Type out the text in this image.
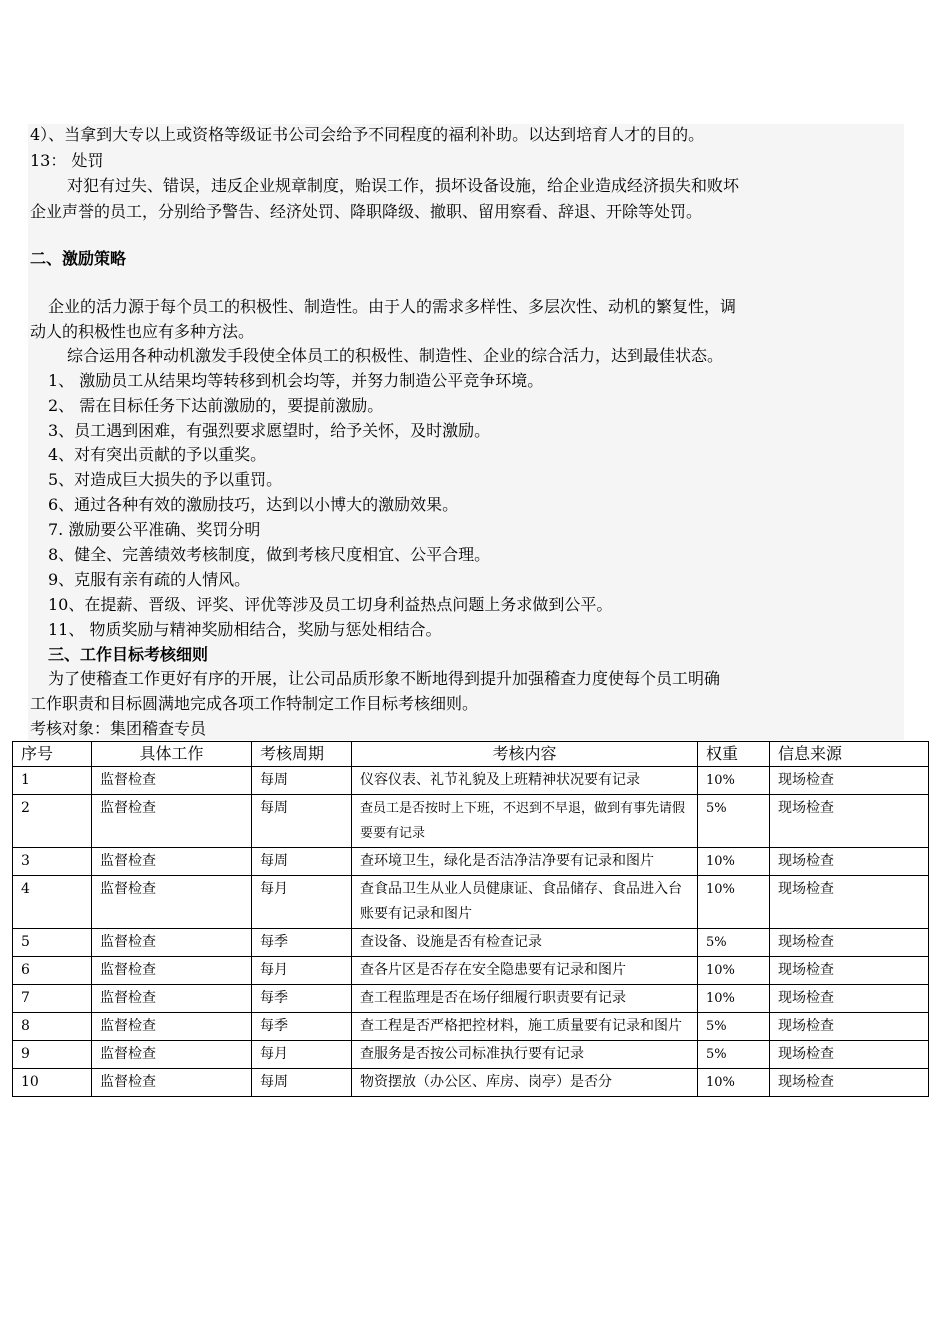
4）、当拿到大专以上或资格等级证书公司会给予不同程度的福利补助。以达到培育人才的目的。
13： 处罚
对犯有过失、错误，违反企业规章制度，贻误工作，损坏设备设施，给企业造成经济损失和败坏
企业声誉的员工，分别给予警告、经济处罚、降职降级、撤职、留用察看、辞退、开除等处罚。
二、激励策略
企业的活力源于每个员工的积极性、制造性。由于人的需求多样性、多层次性、动机的繁复性，调
动人的积极性也应有多种方法。
综合运用各种动机激发手段使全体员工的积极性、制造性、企业的综合活力，达到最佳状态。
1、 激励员工从结果均等转移到机会均等，并努力制造公平竞争环境。
2、 需在目标任务下达前激励的，要提前激励。
3、员工遇到困难，有强烈要求愿望时，给予关怀，及时激励。
4、对有突出贡献的予以重奖。
5、对造成巨大损失的予以重罚。
6、通过各种有效的激励技巧，达到以小博大的激励效果。
7. 激励要公平准确、奖罚分明
8、健全、完善绩效考核制度，做到考核尺度相宜、公平合理。
9、克服有亲有疏的人情风。
10、在提薪、晋级、评奖、评优等涉及员工切身利益热点问题上务求做到公平。
11、 物质奖励与精神奖励相结合，奖励与惩处相结合。
三、工作目标考核细则
为了使稽查工作更好有序的开展，让公司品质形象不断地得到提升加强稽查力度使每个员工明确
工作职责和目标圆满地完成各项工作特制定工作目标考核细则。
考核对象：集团稽查专员
序号	具体工作	考核周期	考核内容	权重	信息来源
1	监督检查	每周	仪容仪表、礼节礼貌及上班精神状况要有记录	10%	现场检查
2	监督检查	每周	查员工是否按时上下班，不迟到不早退，做到有事先请假要要有记录	5%	现场检查
3	监督检查	每周	查环境卫生，绿化是否洁净洁净要有记录和图片	10%	现场检查
4	监督检查	每月	查食品卫生从业人员健康证、食品储存、食品进入台账要有记录和图片	10%	现场检查
5	监督检查	每季	查设备、设施是否有检查记录	5%	现场检查
6	监督检查	每月	查各片区是否存在安全隐患要有记录和图片	10%	现场检查
7	监督检查	每季	查工程监理是否在场仔细履行职责要有记录	10%	现场检查
8	监督检查	每季	查工程是否严格把控材料，施工质量要有记录和图片	5%	现场检查
9	监督检查	每月	查服务是否按公司标准执行要有记录	5%	现场检查
10	监督检查	每周	物资摆放（办公区、库房、岗亭）是否分	10%	现场检查
